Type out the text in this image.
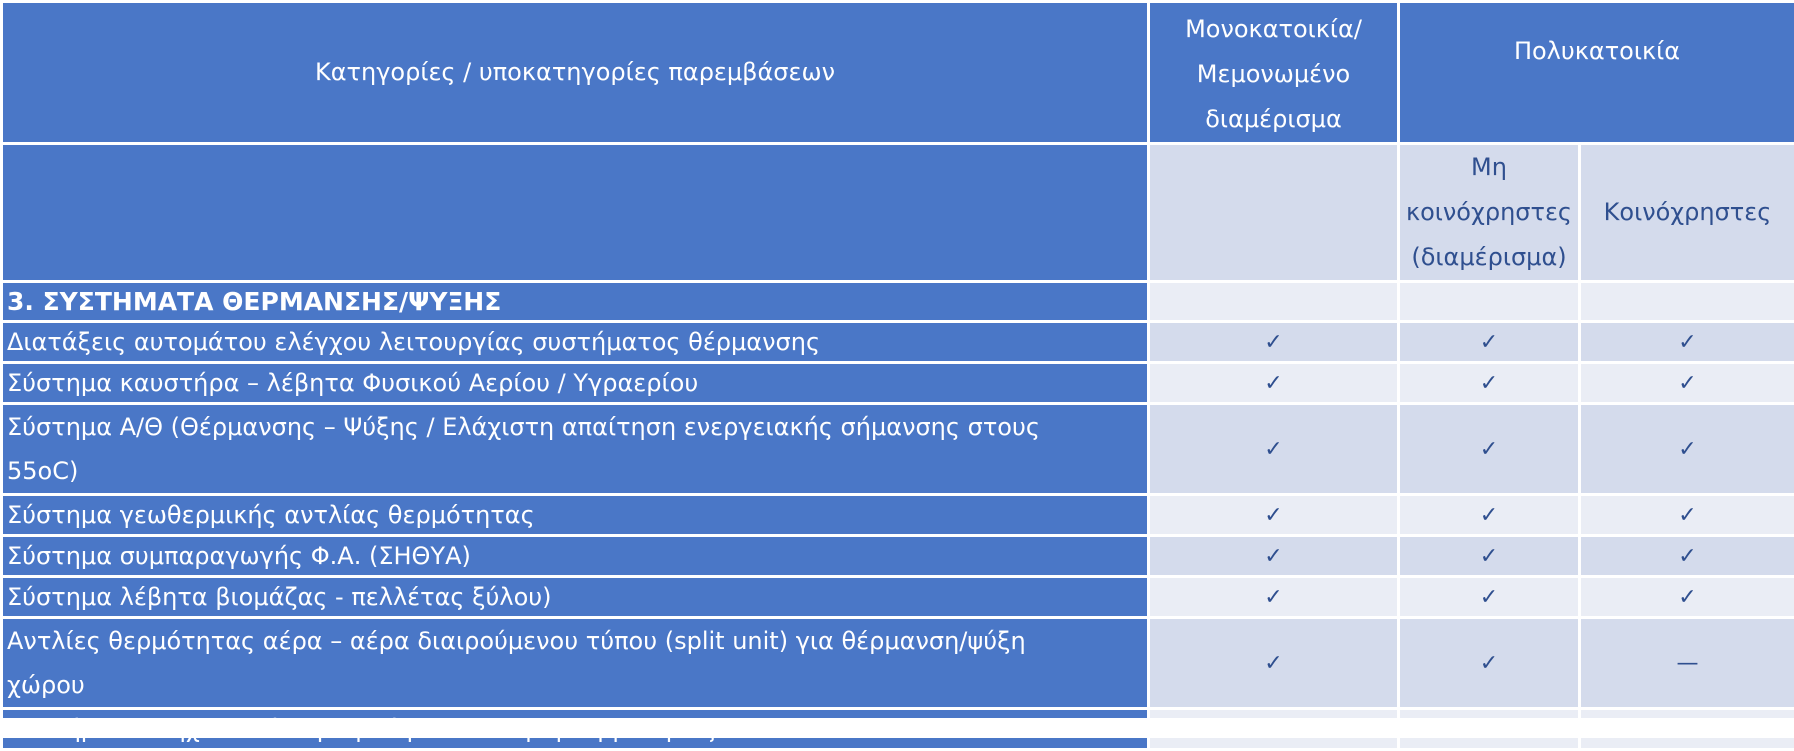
Κατηγορίες / υποκατηγορίες παρεμβάσεων	Μονοκατοικία/ Μεμονωμένο διαμέρισμα	Πολυκατοικία	
		Μη κοινόχρηστες (διαμέρισμα)	Κοινόχρηστες
3. ΣΥΣΤΗΜΑΤΑ ΘΕΡΜΑΝΣΗΣ/ΨΥΞΗΣ			
Διατάξεις αυτομάτου ελέγχου λειτουργίας συστήματος θέρμανσης	✓	✓	✓
Σύστημα καυστήρα – λέβητα Φυσικού Αερίου / Υγραερίου	✓	✓	✓
Σύστημα Α/Θ (Θέρμανσης – Ψύξης / Ελάχιστη απαίτηση ενεργειακής σήμανσης στους 55οC)	✓	✓	✓
Σύστημα γεωθερμικής αντλίας θερμότητας	✓	✓	✓
Σύστημα συμπαραγωγής Φ.Α. (ΣΗΘΥΑ)	✓	✓	✓
Σύστημα λέβητα βιομάζας - πελλέτας ξύλου)	✓	✓	✓
Αντλίες θερμότητας αέρα – αέρα διαιρούμενου τύπου (split unit) για θέρμανση/ψύξη χώρου	✓	✓	—
